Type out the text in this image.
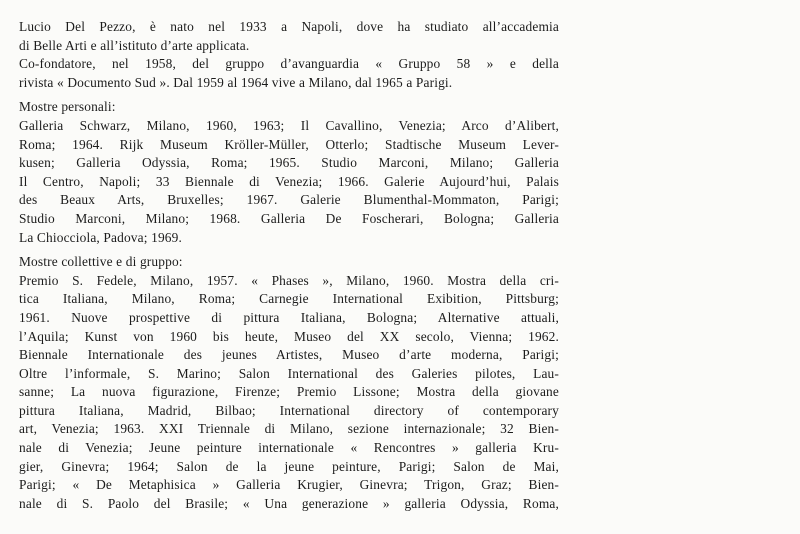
Lucio Del Pezzo, è nato nel 1933 a Napoli, dove ha studiato all’accademia
di Belle Arti e all’istituto d’arte applicata.
Co-fondatore, nel 1958, del gruppo d’avanguardia « Gruppo 58 » e della
rivista « Documento Sud ». Dal 1959 al 1964 vive a Milano, dal 1965 a Parigi.
Mostre personali:
Galleria Schwarz, Milano, 1960, 1963; Il Cavallino, Venezia; Arco d’Alibert,
Roma; 1964. Rijk Museum Kröller-Müller, Otterlo; Stadtische Museum Lever-
kusen; Galleria Odyssia, Roma; 1965. Studio Marconi, Milano; Galleria
Il Centro, Napoli; 33 Biennale di Venezia; 1966. Galerie Aujourd’hui, Palais
des Beaux Arts, Bruxelles; 1967. Galerie Blumenthal-Mommaton, Parigi;
Studio Marconi, Milano; 1968. Galleria De Foscherari, Bologna; Galleria
La Chiocciola, Padova; 1969.
Mostre collettive e di gruppo:
Premio S. Fedele, Milano, 1957. « Phases », Milano, 1960. Mostra della cri-
tica Italiana, Milano, Roma; Carnegie International Exibition, Pittsburg;
1961. Nuove prospettive di pittura Italiana, Bologna; Alternative attuali,
l’Aquila; Kunst von 1960 bis heute, Museo del XX secolo, Vienna; 1962.
Biennale Internationale des jeunes Artistes, Museo d’arte moderna, Parigi;
Oltre l’informale, S. Marino; Salon International des Galeries pilotes, Lau-
sanne; La nuova figurazione, Firenze; Premio Lissone; Mostra della giovane
pittura Italiana, Madrid, Bilbao; International directory of contemporary
art, Venezia; 1963. XXI Triennale di Milano, sezione internazionale; 32 Bien-
nale di Venezia; Jeune peinture internationale « Rencontres » galleria Kru-
gier, Ginevra; 1964; Salon de la jeune peinture, Parigi; Salon de Mai,
Parigi; « De Metaphisica » Galleria Krugier, Ginevra; Trigon, Graz; Bien-
nale di S. Paolo del Brasile; « Una generazione » galleria Odyssia, Roma,
